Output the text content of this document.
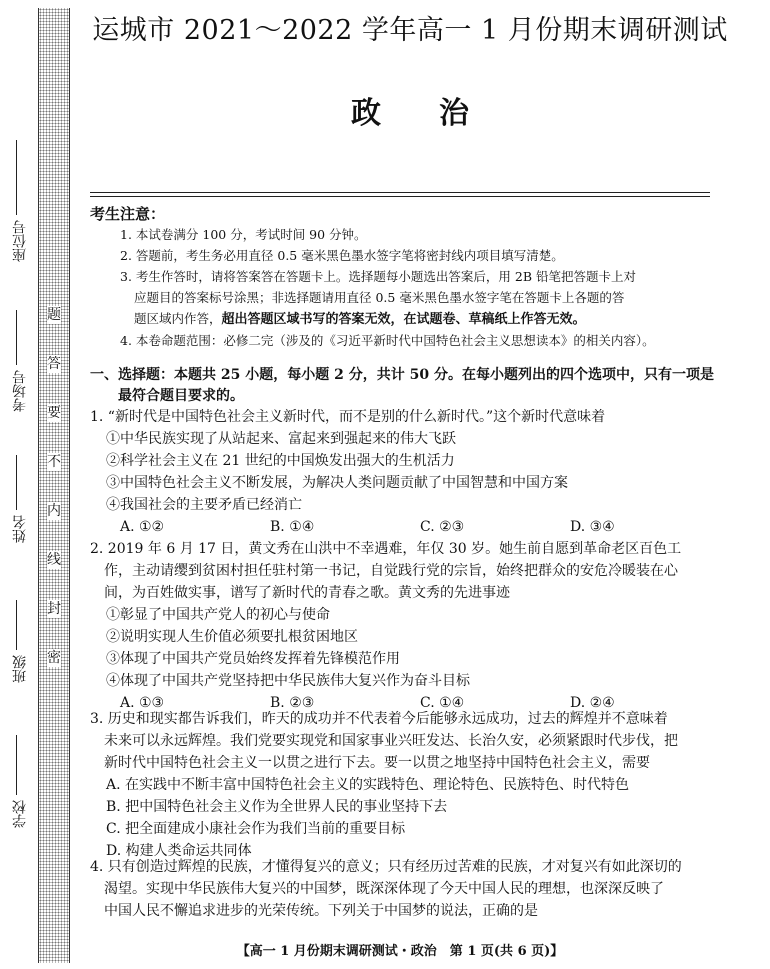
题
答
要
不
内
线
封
密
座位号
考场号
姓名
班级
学校
运城市 2021～2022 学年高一 1 月份期末调研测试
政治
考生注意：

1. 本试卷满分 100 分，考试时间 90 分钟。

2. 答题前，考生务必用直径 0.5 毫米黑色墨水签字笔将密封线内项目填写清楚。

3. 考生作答时，请将答案答在答题卡上。选择题每小题选出答案后，用 2B 铅笔把答题卡上对

应题目的答案标号涂黑；非选择题请用直径 0.5 毫米黑色墨水签字笔在答题卡上各题的答

题区域内作答，超出答题区域书写的答案无效，在试题卷、草稿纸上作答无效。

4. 本卷命题范围：必修二完（涉及的《习近平新时代中国特色社会主义思想读本》的相关内容）。

一、选择题：本题共 25 小题，每小题 2 分，共计 50 分。在每小题列出的四个选项中，只有一项是
最符合题目要求的。

1. “新时代是中国特色社会主义新时代，而不是别的什么新时代。”这个新时代意味着

①中华民族实现了从站起来、富起来到强起来的伟大飞跃

②科学社会主义在 21 世纪的中国焕发出强大的生机活力

③中国特色社会主义不断发展，为解决人类问题贡献了中国智慧和中国方案

④我国社会的主要矛盾已经消亡

A. ①②	B. ①④	C. ②③	D. ③④

2. 2019 年 6 月 17 日，黄文秀在山洪中不幸遇难，年仅 30 岁。她生前自愿到革命老区百色工

作，主动请缨到贫困村担任驻村第一书记，自觉践行党的宗旨，始终把群众的安危冷暖装在心

间，为百姓做实事，谱写了新时代的青春之歌。黄文秀的先进事迹

①彰显了中国共产党人的初心与使命

②说明实现人生价值必须要扎根贫困地区

③体现了中国共产党员始终发挥着先锋模范作用

④体现了中国共产党坚持把中华民族伟大复兴作为奋斗目标

A. ①③	B. ②③	C. ①④	D. ②④

3. 历史和现实都告诉我们，昨天的成功并不代表着今后能够永远成功，过去的辉煌并不意味着

未来可以永远辉煌。我们党要实现党和国家事业兴旺发达、长治久安，必须紧跟时代步伐，把

新时代中国特色社会主义一以贯之进行下去。要一以贯之地坚持中国特色社会主义，需要

A. 在实践中不断丰富中国特色社会主义的实践特色、理论特色、民族特色、时代特色

B. 把中国特色社会主义作为全世界人民的事业坚持下去

C. 把全面建成小康社会作为我们当前的重要目标

D. 构建人类命运共同体

4. 只有创造过辉煌的民族，才懂得复兴的意义；只有经历过苦难的民族，才对复兴有如此深切的

渴望。实现中华民族伟大复兴的中国梦，既深深体现了今天中国人民的理想，也深深反映了

中国人民不懈追求进步的光荣传统。下列关于中国梦的说法，正确的是

【高一 1 月份期末调研测试・政治　第 1 页(共 6 页)】
